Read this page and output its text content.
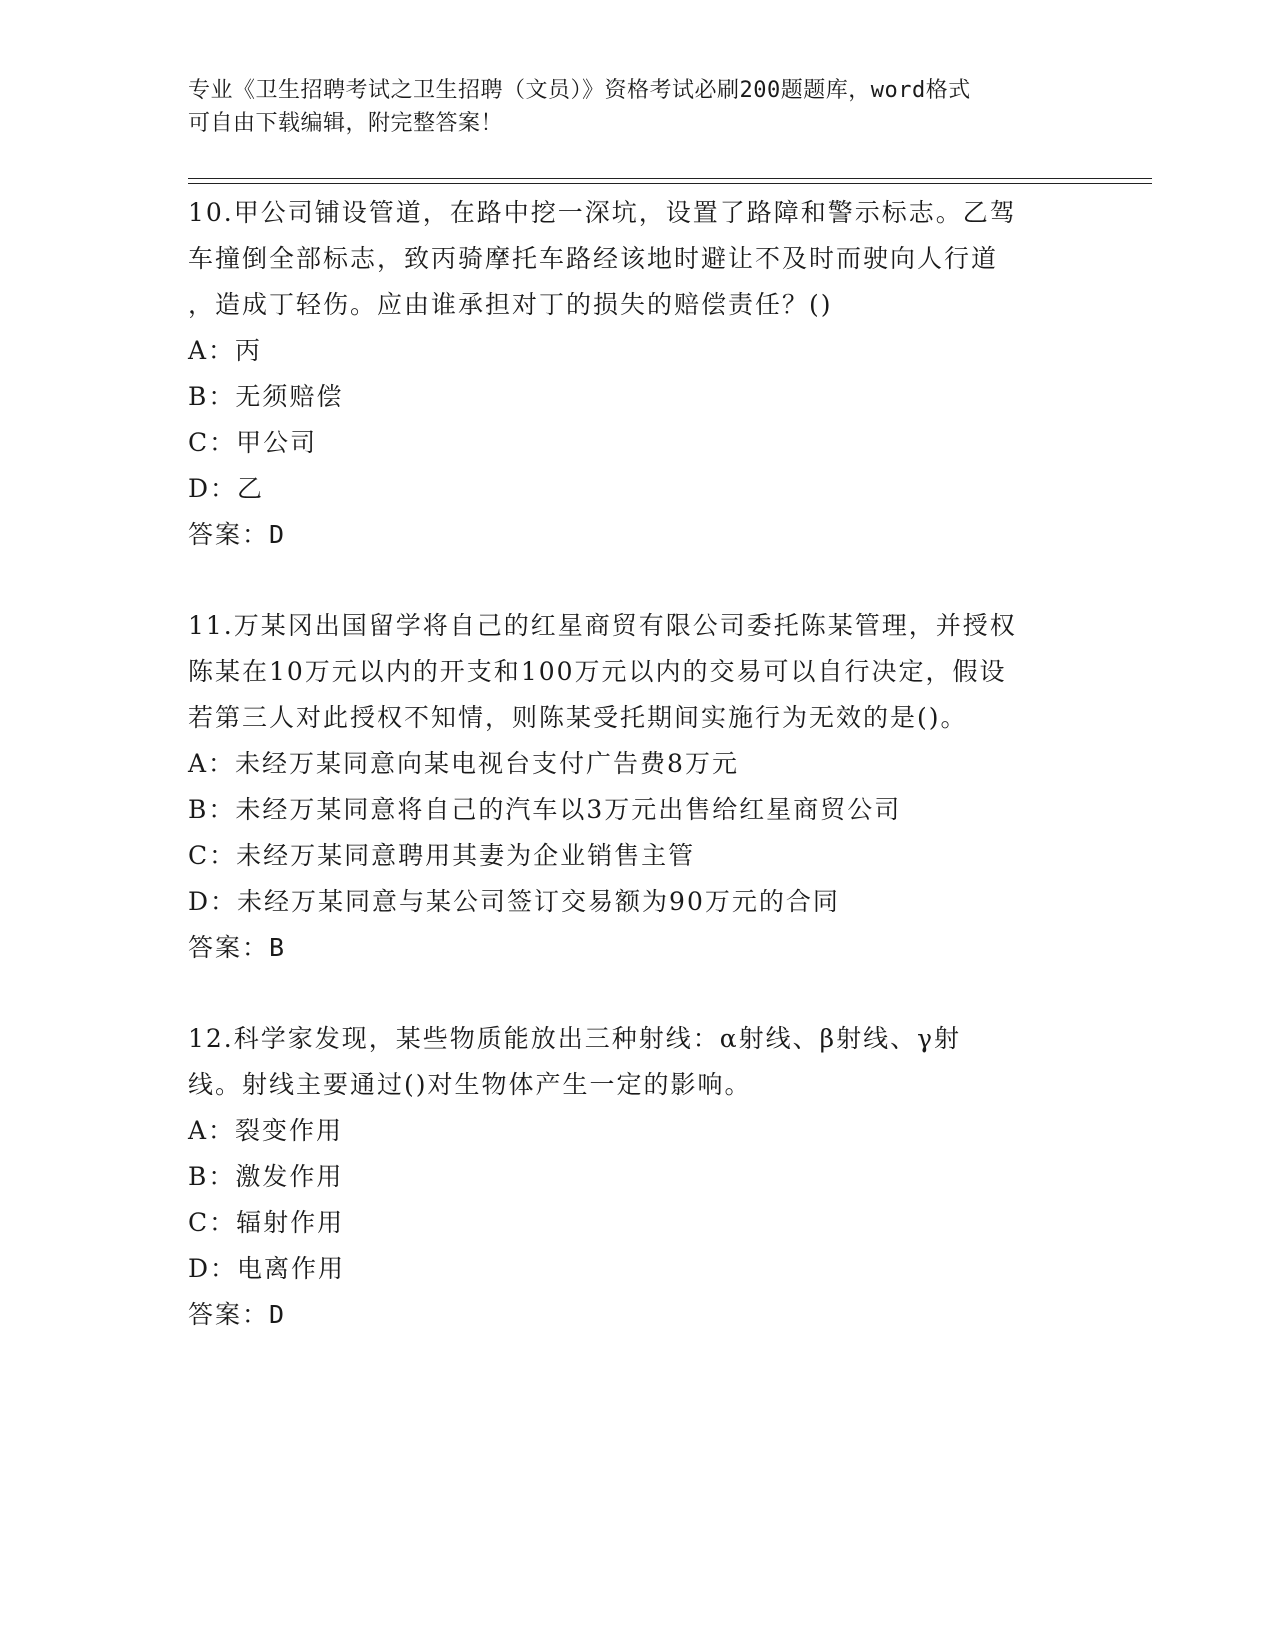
专业《卫生招聘考试之卫生招聘（文员）》资格考试必刷200题题库，word格式
可自由下载编辑，附完整答案！
10.甲公司铺设管道，在路中挖一深坑，设置了路障和警示标志。乙驾
车撞倒全部标志，致丙骑摩托车路经该地时避让不及时而驶向人行道
，造成丁轻伤。应由谁承担对丁的损失的赔偿责任？()
A：丙
B：无须赔偿
C：甲公司
D：乙
答案：D
11.万某冈出国留学将自己的红星商贸有限公司委托陈某管理，并授权
陈某在10万元以内的开支和100万元以内的交易可以自行决定，假设
若第三人对此授权不知情，则陈某受托期间实施行为无效的是()。
A：未经万某同意向某电视台支付广告费8万元
B：未经万某同意将自己的汽车以3万元出售给红星商贸公司
C：未经万某同意聘用其妻为企业销售主管
D：未经万某同意与某公司签订交易额为90万元的合同
答案：B
12.科学家发现，某些物质能放出三种射线：α射线、β射线、γ射
线。射线主要通过()对生物体产生一定的影响。
A：裂变作用
B：激发作用
C：辐射作用
D：电离作用
答案：D
